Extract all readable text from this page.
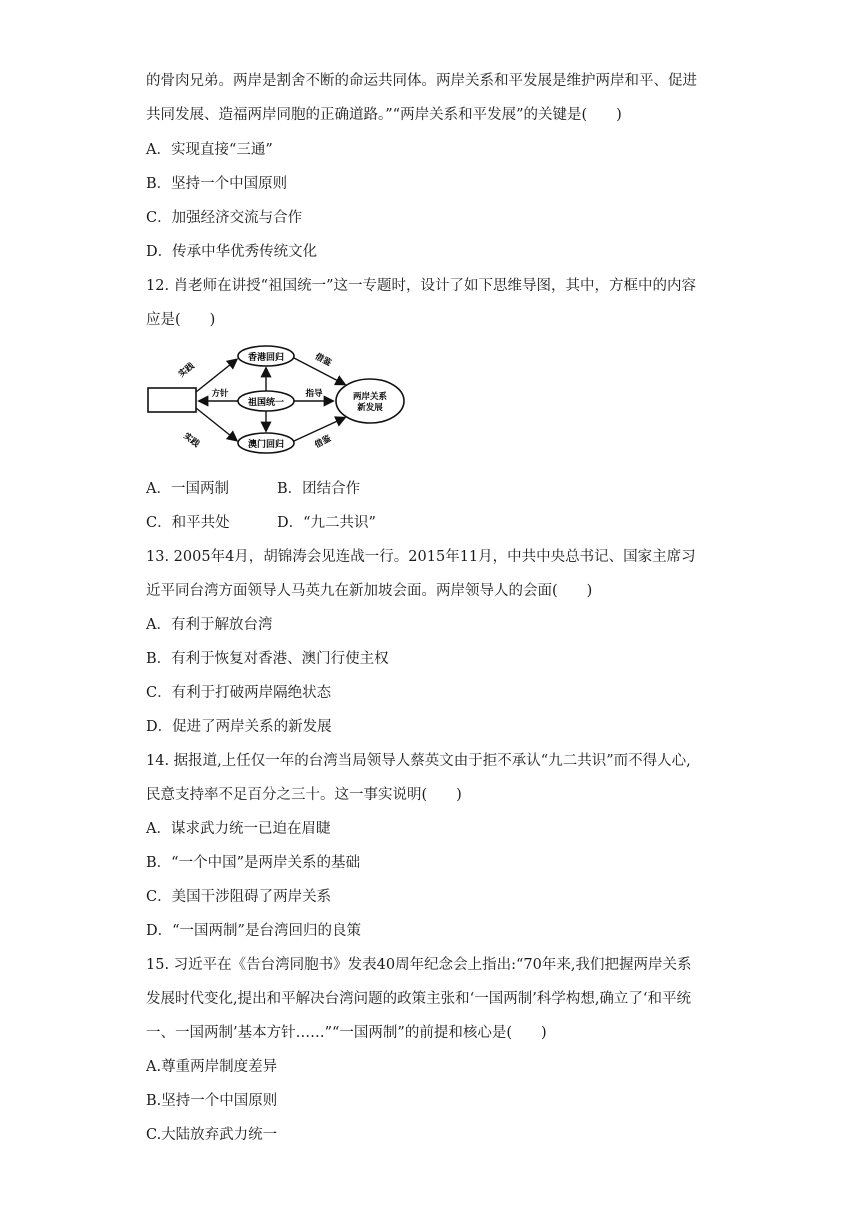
的骨肉兄弟。两岸是割舍不断的命运共同体。两岸关系和平发展是维护两岸和平、促进
共同发展、造福两岸同胞的正确道路。”“两岸关系和平发展”的关键是(　　)
A．实现直接“三通”
B．坚持一个中国原则
C．加强经济交流与合作
D．传承中华优秀传统文化
12. 肖老师在讲授“祖国统一”这一专题时，设计了如下思维导图，其中，方框中的内容
应是(　　)
C．和平共处
近平同台湾方面领导人马英九在新加坡会面。两岸领导人的会面(　　)
A．有利于解放台湾
B．有利于恢复对香港、澳门行使主权
C．有利于打破两岸隔绝状态
D．促进了两岸关系的新发展
14. 据报道,上任仅一年的台湾当局领导人蔡英文由于拒不承认“九二共识”而不得人心,
民意支持率不足百分之三十。这一事实说明(　　)
A．谋求武力统一已迫在眉睫
B．“一个中国”是两岸关系的基础
C．美国干涉阻碍了两岸关系
D．“一国两制”是台湾回归的良策
15. 习近平在《告台湾同胞书》发表40周年纪念会上指出:“70年来,我们把握两岸关系
发展时代变化,提出和平解决台湾问题的政策主张和‘一国两制’科学构想,确立了‘和平统
一、一国两制’基本方针……”“一国两制”的前提和核心是(　　)
A.尊重两岸制度差异
B.坚持一个中国原则
C.大陆放弃武力统一
A．一国两制	B．团结合作
D．“九二共识”
13. 2005年4月，胡锦涛会见连战一行。2015年11月，中共中央总书记、国家主席习
香港回归
祖国统一
澳门回归
两岸关系
新发展
实践
实践
方针	指导
借鉴
借鉴
